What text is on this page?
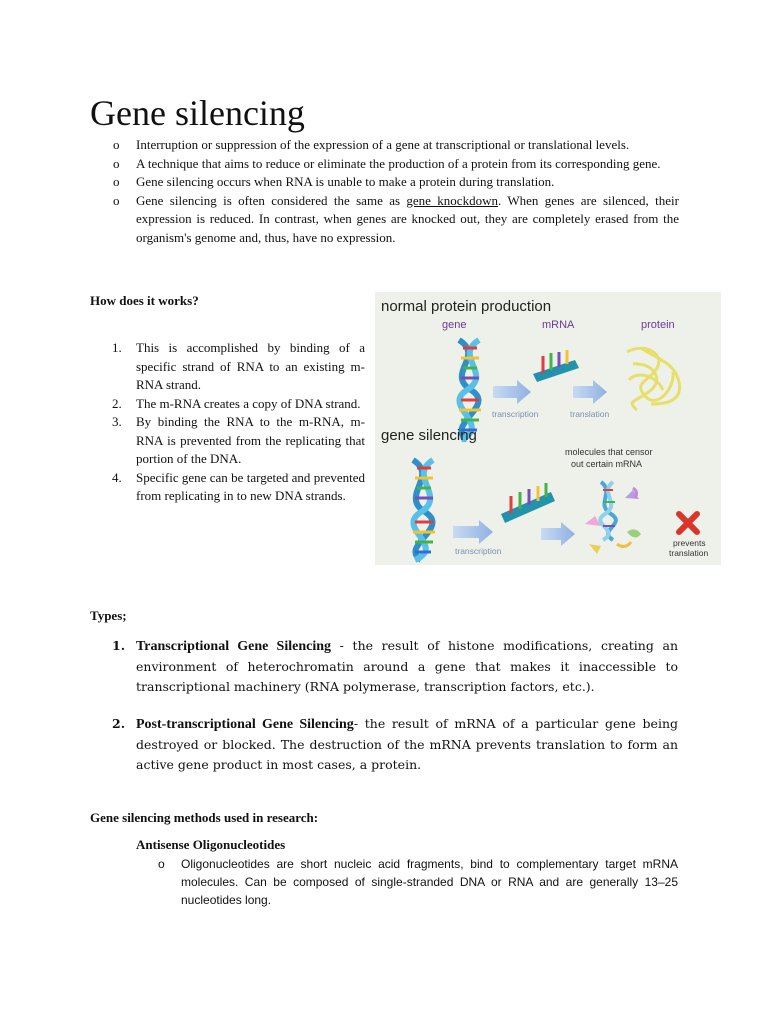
Gene silencing
o Interruption or suppression of the expression of a gene at transcriptional or translational levels.
o A technique that aims to reduce or eliminate the production of a protein from its corresponding gene.
o Gene silencing occurs when RNA is unable to make a protein during translation.
o Gene silencing is often considered the same as gene knockdown. When genes are silenced, their expression is reduced. In contrast, when genes are knocked out, they are completely erased from the organism's genome and, thus, have no expression.
How does it works?
1. This is accomplished by binding of a specific strand of RNA to an existing m-RNA strand.
2. The m-RNA creates a copy of DNA strand.
3. By binding the RNA to the m-RNA, m-RNA is prevented from the replicating that portion of the DNA.
4. Specific gene can be targeted and prevented from replicating in to new DNA strands.
normal protein production
gene	mRNA	protein
transcription	translation
gene silencing
molecules that censor
out certain mRNA
transcription
prevents
translation
Types;
1. Transcriptional Gene Silencing - the result of histone modifications, creating an environment of heterochromatin around a gene that makes it inaccessible to transcriptional machinery (RNA polymerase, transcription factors, etc.).
2. Post-transcriptional Gene Silencing- the result of mRNA of a particular gene being destroyed or blocked. The destruction of the mRNA prevents translation to form an active gene product in most cases, a protein.
Gene silencing methods used in research:
Antisense Oligonucleotides
o Oligonucleotides are short nucleic acid fragments, bind to complementary target mRNA molecules. Can be composed of single-stranded DNA or RNA and are generally 13–25 nucleotides long.
